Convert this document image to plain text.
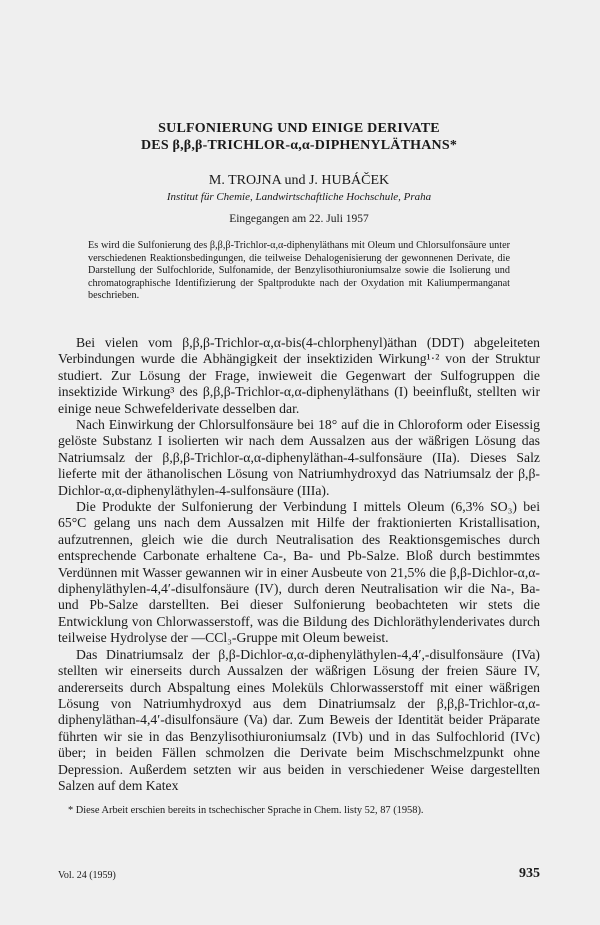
SULFONIERUNG UND EINIGE DERIVATE
DES β,β,β-TRICHLOR-α,α-DIPHENYLÄTHANS*
M. TROJNA und J. HUBÁČEK
Institut für Chemie, Landwirtschaftliche Hochschule, Praha
Eingegangen am 22. Juli 1957
Es wird die Sulfonierung des β,β,β-Trichlor-α,α-diphenyläthans mit Oleum und Chlorsulfonsäure unter verschiedenen Reaktionsbedingungen, die teilweise Dehalogenisierung der gewonnenen Derivate, die Darstellung der Sulfochloride, Sulfonamide, der Benzylisothiuroniumsalze sowie die Isolierung und chromatographische Identifizierung der Spaltprodukte nach der Oxydation mit Kaliumpermanganat beschrieben.

Bei vielen vom β,β,β-Trichlor-α,α-bis(4-chlorphenyl)äthan (DDT) abgeleiteten Verbindungen wurde die Abhängigkeit der insektiziden Wirkung¹·² von der Struktur studiert. Zur Lösung der Frage, inwieweit die Gegenwart der Sulfogruppen die insektizide Wirkung³ des β,β,β-Trichlor-α,α-diphenyläthans (I) beeinflußt, stellten wir einige neue Schwefelderivate desselben dar.

Nach Einwirkung der Chlorsulfonsäure bei 18° auf die in Chloroform oder Eisessig gelöste Substanz I isolierten wir nach dem Aussalzen aus der wäßrigen Lösung das Natriumsalz der β,β,β-Trichlor-α,α-diphenyläthan-4-sulfonsäure (IIa). Dieses Salz lieferte mit der äthanolischen Lösung von Natriumhydroxyd das Natriumsalz der β,β-Dichlor-α,α-diphenyläthylen-4-sulfonsäure (IIIa).

Die Produkte der Sulfonierung der Verbindung I mittels Oleum (6,3% SO₃) bei 65°C gelang uns nach dem Aussalzen mit Hilfe der fraktionierten Kristallisation, aufzutrennen, gleich wie die durch Neutralisation des Reaktionsgemisches durch entsprechende Carbonate erhaltene Ca-, Ba- und Pb-Salze. Bloß durch bestimmtes Verdünnen mit Wasser gewannen wir in einer Ausbeute von 21,5% die β,β-Dichlor-α,α-diphenyläthylen-4,4′-disulfonsäure (IV), durch deren Neutralisation wir die Na-, Ba- und Pb-Salze darstellten. Bei dieser Sulfonierung beobachteten wir stets die Entwicklung von Chlorwasserstoff, was die Bildung des Dichloräthylenderivates durch teilweise Hydrolyse der —CCl₃-Gruppe mit Oleum beweist.

Das Dinatriumsalz der β,β-Dichlor-α,α-diphenyläthylen-4,4′,-disulfonsäure (IVa) stellten wir einerseits durch Aussalzen der wäßrigen Lösung der freien Säure IV, andererseits durch Abspaltung eines Moleküls Chlorwasserstoff mit einer wäßrigen Lösung von Natriumhydroxyd aus dem Dinatriumsalz der β,β,β-Trichlor-α,α-diphenyläthan-4,4′-disulfonsäure (Va) dar. Zum Beweis der Identität beider Präparate führten wir sie in das Benzylisothiuroniumsalz (IVb) und in das Sulfochlorid (IVc) über; in beiden Fällen schmolzen die Derivate beim Mischschmelzpunkt ohne Depression. Außerdem setzten wir aus beiden in verschiedener Weise dargestellten Salzen auf dem Katex

* Diese Arbeit erschien bereits in tschechischer Sprache in Chem. listy 52, 87 (1958).
Vol. 24 (1959)	935
